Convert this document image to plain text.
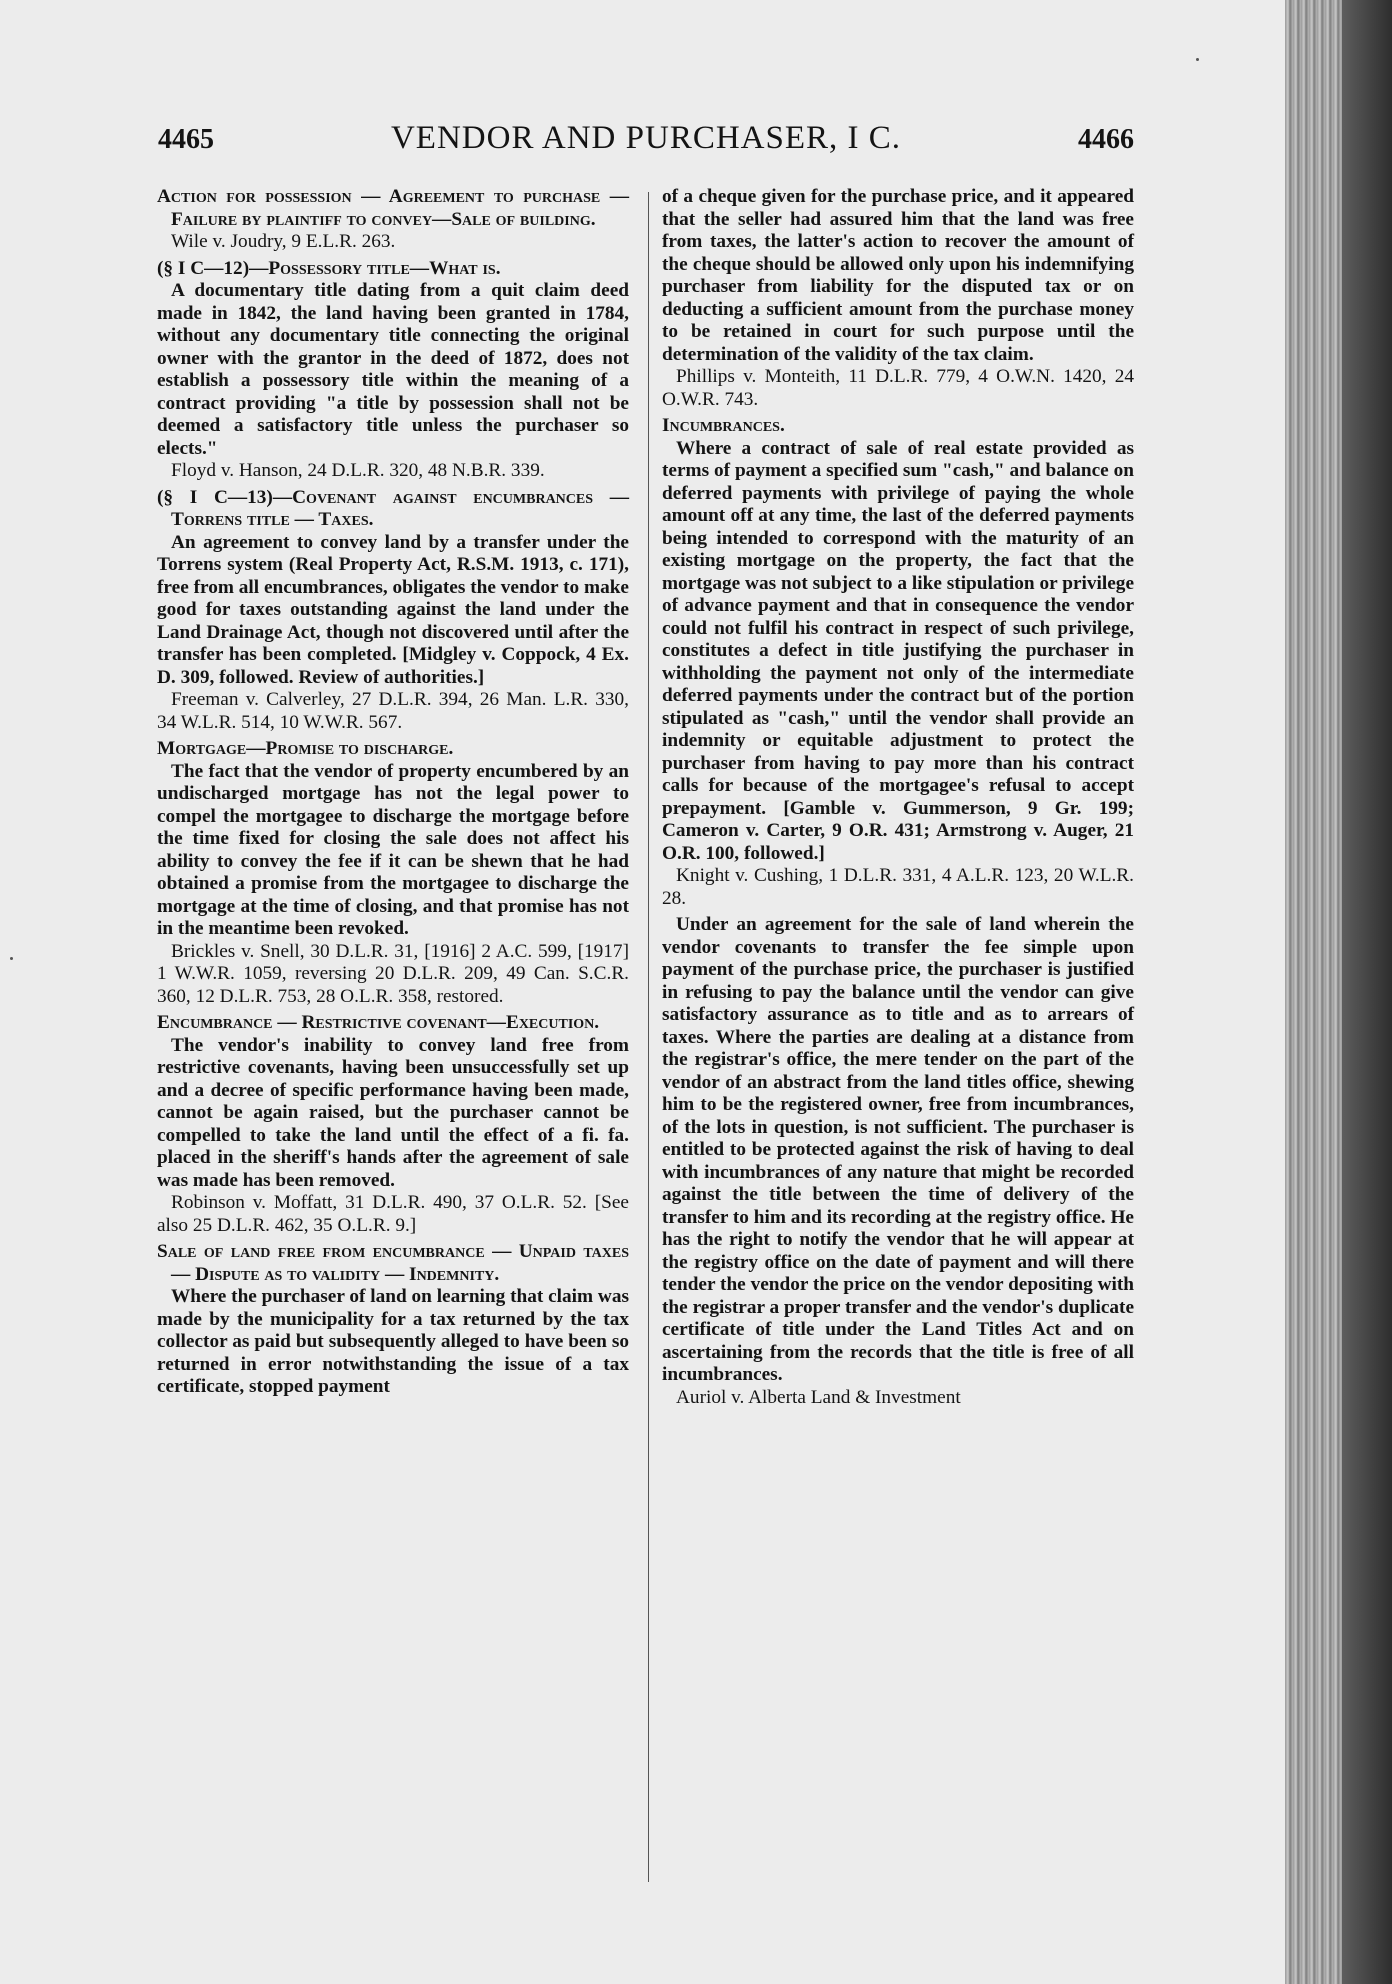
4465	VENDOR AND PURCHASER, I C.	4466

Action for possession — Agreement to purchase — Failure by plaintiff to convey—Sale of building.

Wile v. Joudry, 9 E.L.R. 263.

(§ I C—12)—Possessory title—What is.

A documentary title dating from a quit claim deed made in 1842, the land having been granted in 1784, without any documentary title connecting the original owner with the grantor in the deed of 1872, does not establish a possessory title within the meaning of a contract providing "a title by possession shall not be deemed a satisfactory title unless the purchaser so elects."

Floyd v. Hanson, 24 D.L.R. 320, 48 N.B.R. 339.

(§ I C—13)—Covenant against encumbrances — Torrens title — Taxes.

An agreement to convey land by a transfer under the Torrens system (Real Property Act, R.S.M. 1913, c. 171), free from all encumbrances, obligates the vendor to make good for taxes outstanding against the land under the Land Drainage Act, though not discovered until after the transfer has been completed. [Midgley v. Coppock, 4 Ex. D. 309, followed. Review of authorities.]

Freeman v. Calverley, 27 D.L.R. 394, 26 Man. L.R. 330, 34 W.L.R. 514, 10 W.W.R. 567.

Mortgage—Promise to discharge.

The fact that the vendor of property encumbered by an undischarged mortgage has not the legal power to compel the mortgagee to discharge the mortgage before the time fixed for closing the sale does not affect his ability to convey the fee if it can be shewn that he had obtained a promise from the mortgagee to discharge the mortgage at the time of closing, and that promise has not in the meantime been revoked.

Brickles v. Snell, 30 D.L.R. 31, [1916] 2 A.C. 599, [1917] 1 W.W.R. 1059, reversing 20 D.L.R. 209, 49 Can. S.C.R. 360, 12 D.L.R. 753, 28 O.L.R. 358, restored.

Encumbrance — Restrictive covenant—Execution.

The vendor's inability to convey land free from restrictive covenants, having been unsuccessfully set up and a decree of specific performance having been made, cannot be again raised, but the purchaser cannot be compelled to take the land until the effect of a fi. fa. placed in the sheriff's hands after the agreement of sale was made has been removed.

Robinson v. Moffatt, 31 D.L.R. 490, 37 O.L.R. 52. [See also 25 D.L.R. 462, 35 O.L.R. 9.]

Sale of land free from encumbrance — Unpaid taxes — Dispute as to validity — Indemnity.

Where the purchaser of land on learning that claim was made by the municipality for a tax returned by the tax collector as paid but subsequently alleged to have been so returned in error notwithstanding the issue of a tax certificate, stopped payment

of a cheque given for the purchase price, and it appeared that the seller had assured him that the land was free from taxes, the latter's action to recover the amount of the cheque should be allowed only upon his indemnifying purchaser from liability for the disputed tax or on deducting a sufficient amount from the purchase money to be retained in court for such purpose until the determination of the validity of the tax claim.

Phillips v. Monteith, 11 D.L.R. 779, 4 O.W.N. 1420, 24 O.W.R. 743.

Incumbrances.

Where a contract of sale of real estate provided as terms of payment a specified sum "cash," and balance on deferred payments with privilege of paying the whole amount off at any time, the last of the deferred payments being intended to correspond with the maturity of an existing mortgage on the property, the fact that the mortgage was not subject to a like stipulation or privilege of advance payment and that in consequence the vendor could not fulfil his contract in respect of such privilege, constitutes a defect in title justifying the purchaser in withholding the payment not only of the intermediate deferred payments under the contract but of the portion stipulated as "cash," until the vendor shall provide an indemnity or equitable adjustment to protect the purchaser from having to pay more than his contract calls for because of the mortgagee's refusal to accept prepayment. [Gamble v. Gummerson, 9 Gr. 199; Cameron v. Carter, 9 O.R. 431; Armstrong v. Auger, 21 O.R. 100, followed.]

Knight v. Cushing, 1 D.L.R. 331, 4 A.L.R. 123, 20 W.L.R. 28.

Under an agreement for the sale of land wherein the vendor covenants to transfer the fee simple upon payment of the purchase price, the purchaser is justified in refusing to pay the balance until the vendor can give satisfactory assurance as to title and as to arrears of taxes. Where the parties are dealing at a distance from the registrar's office, the mere tender on the part of the vendor of an abstract from the land titles office, shewing him to be the registered owner, free from incumbrances, of the lots in question, is not sufficient. The purchaser is entitled to be protected against the risk of having to deal with incumbrances of any nature that might be recorded against the title between the time of delivery of the transfer to him and its recording at the registry office. He has the right to notify the vendor that he will appear at the registry office on the date of payment and will there tender the vendor the price on the vendor depositing with the registrar a proper transfer and the vendor's duplicate certificate of title under the Land Titles Act and on ascertaining from the records that the title is free of all incumbrances.

Auriol v. Alberta Land & Investment
